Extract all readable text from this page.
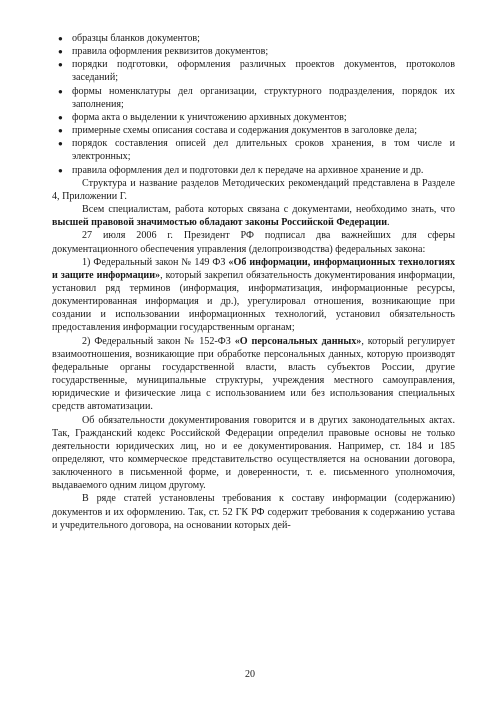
● образцы бланков документов;
● правила оформления реквизитов документов;
● порядки подготовки, оформления различных проектов документов, протоколов заседаний;
● формы номенклатуры дел организации, структурного подразделения, порядок их заполнения;
● форма акта о выделении к уничтожению архивных документов;
● примерные схемы описания состава и содержания документов в заголовке дела;
● порядок составления описей дел длительных сроков хранения, в том числе и электронных;
● правила оформления дел и подготовки дел к передаче на архивное хранение и др.

Структура и название разделов Методических рекомендаций представлена в Разделе 4, Приложении Г.

Всем специалистам, работа которых связана с документами, необходимо знать, что высшей правовой значимостью обладают законы Российской Федерации.

27 июля 2006 г. Президент РФ подписал два важнейших для сферы документационного обеспечения управления (делопроизводства) федеральных закона:

1) Федеральный закон № 149 ФЗ «Об информации, информационных технологиях и защите информации», который закрепил обязательность документирования информации, установил ряд терминов (информация, информатизация, информационные ресурсы, документированная информация и др.), урегулировал отношения, возникающие при создании и использовании информационных технологий, установил обязательность предоставления информации государственным органам;

2) Федеральный закон № 152-ФЗ «О персональных данных», который регулирует взаимоотношения, возникающие при обработке персональных данных, которую производят федеральные органы государственной власти, власть субъектов России, другие государственные, муниципальные структуры, учреждения местного самоуправления, юридические и физические лица с использованием или без использования специальных средств автоматизации.

Об обязательности документирования говорится и в других законодательных актах. Так, Гражданский кодекс Российской Федерации определил правовые основы не только деятельности юридических лиц, но и ее документирования. Например, ст. 184 и 185 определяют, что коммерческое представительство осуществляется на основании договора, заключенного в письменной форме, и доверенности, т. е. письменного уполномочия, выдаваемого одним лицом другому.

В ряде статей установлены требования к составу информации (содержанию) документов и их оформлению. Так, ст. 52 ГК РФ содержит требования к содержанию устава и учредительного договора, на основании которых дей-

20
